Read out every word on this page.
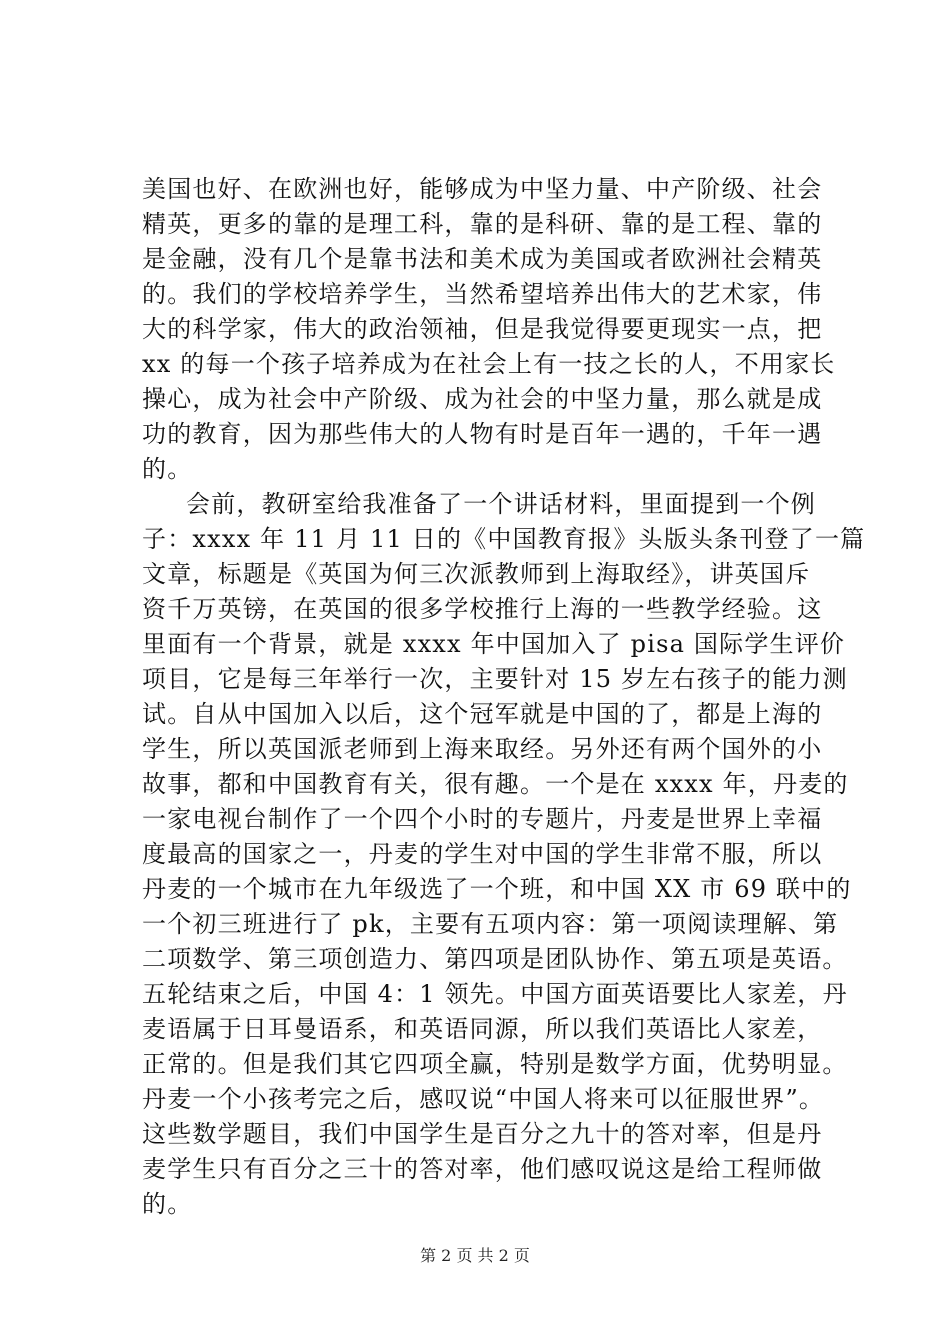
美国也好、在欧洲也好，能够成为中坚力量、中产阶级、社会
精英，更多的靠的是理工科，靠的是科研、靠的是工程、靠的
是金融，没有几个是靠书法和美术成为美国或者欧洲社会精英
的。我们的学校培养学生，当然希望培养出伟大的艺术家，伟
大的科学家，伟大的政治领袖，但是我觉得要更现实一点，把
xx 的每一个孩子培养成为在社会上有一技之长的人，不用家长
操心，成为社会中产阶级、成为社会的中坚力量，那么就是成
功的教育，因为那些伟大的人物有时是百年一遇的，千年一遇
的。
会前，教研室给我准备了一个讲话材料，里面提到一个例
子：xxxx 年 11 月 11 日的《中国教育报》头版头条刊登了一篇
文章，标题是《英国为何三次派教师到上海取经》，讲英国斥
资千万英镑，在英国的很多学校推行上海的一些教学经验。这
里面有一个背景，就是 xxxx 年中国加入了 pisa 国际学生评价
项目，它是每三年举行一次，主要针对 15 岁左右孩子的能力测
试。自从中国加入以后，这个冠军就是中国的了，都是上海的
学生，所以英国派老师到上海来取经。另外还有两个国外的小
故事，都和中国教育有关，很有趣。一个是在 xxxx 年，丹麦的
一家电视台制作了一个四个小时的专题片，丹麦是世界上幸福
度最高的国家之一，丹麦的学生对中国的学生非常不服，所以
丹麦的一个城市在九年级选了一个班，和中国 XX 市 69 联中的
一个初三班进行了 pk，主要有五项内容：第一项阅读理解、第
二项数学、第三项创造力、第四项是团队协作、第五项是英语。
五轮结束之后，中国 4：1 领先。中国方面英语要比人家差，丹
麦语属于日耳曼语系，和英语同源，所以我们英语比人家差，
正常的。但是我们其它四项全赢，特别是数学方面，优势明显。
丹麦一个小孩考完之后，感叹说“中国人将来可以征服世界”。
这些数学题目，我们中国学生是百分之九十的答对率，但是丹
麦学生只有百分之三十的答对率，他们感叹说这是给工程师做
的。
第 2 页 共 2 页
